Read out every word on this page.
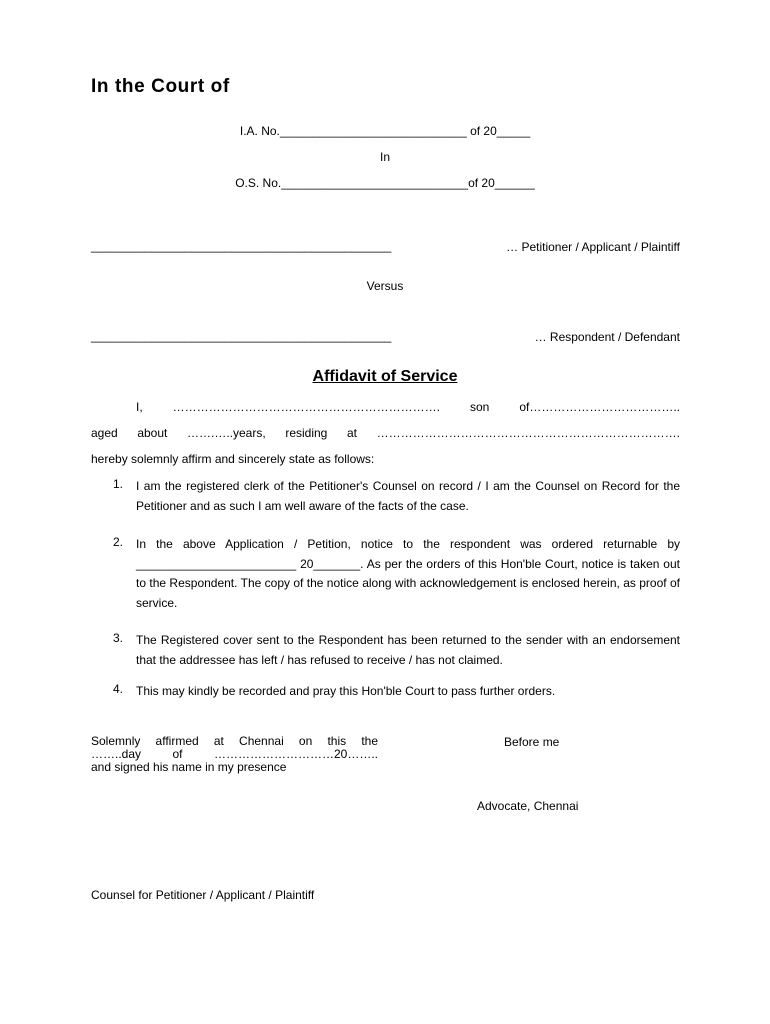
In the Court of
I.A. No.____________________________ of 20_____
In
O.S. No.____________________________of 20______
_____________________________________________	… Petitioner / Applicant / Plaintiff
Versus
_____________________________________________	… Respondent / Defendant
Affidavit of Service
I, …………………………………………………………. son of………………………………..
aged about …….…..years, residing at ………………………………………………………………….
hereby solemnly affirm and sincerely state as follows:
1. I am the registered clerk of the Petitioner's Counsel on record / I am the Counsel on Record for the Petitioner and as such I am well aware of the facts of the case.
2. In the above Application / Petition, notice to the respondent was ordered returnable by ________________________ 20_______. As per the orders of this Hon'ble Court, notice is taken out to the Respondent. The copy of the notice along with acknowledgement is enclosed herein, as proof of service.
3. The Registered cover sent to the Respondent has been returned to the sender with an endorsement that the addressee has left / has refused to receive / has not claimed.
4. This may kindly be recorded and pray this Hon'ble Court to pass further orders.
Solemnly affirmed at Chennai on this the
……..day of …………………………20……..
and signed his name in my presence
Before me
Advocate, Chennai
Counsel for Petitioner / Applicant / Plaintiff
